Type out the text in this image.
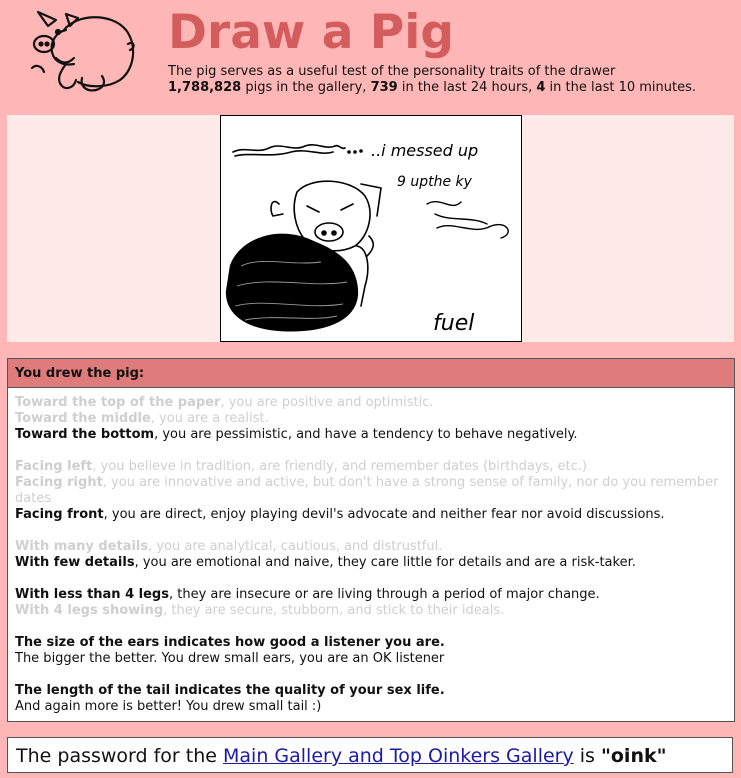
Draw a Pig
The pig serves as a useful test of the personality traits of the drawer
1,788,828 pigs in the gallery, 739 in the last 24 hours, 4 in the last 10 minutes.
..i messed up
9 upthe ky
fuel
You drew the pig:

Toward the top of the paper, you are positive and optimistic.

Toward the middle, you are a realist.

Toward the bottom, you are pessimistic, and have a tendency to behave negatively.

Facing left, you believe in tradition, are friendly, and remember dates (birthdays, etc.)

Facing right, you are innovative and active, but don't have a strong sense of family, nor do you remember dates

Facing front, you are direct, enjoy playing devil's advocate and neither fear nor avoid discussions.

With many details, you are analytical, cautious, and distrustful.

With few details, you are emotional and naive, they care little for details and are a risk-taker.

With less than 4 legs, they are insecure or are living through a period of major change.

With 4 legs showing, they are secure, stubborn, and stick to their ideals.

The size of the ears indicates how good a listener you are.

The bigger the better. You drew small ears, you are an OK listener

The length of the tail indicates the quality of your sex life.

And again more is better! You drew small tail :)

The password for the Main Gallery and Top Oinkers Gallery is "oink"
